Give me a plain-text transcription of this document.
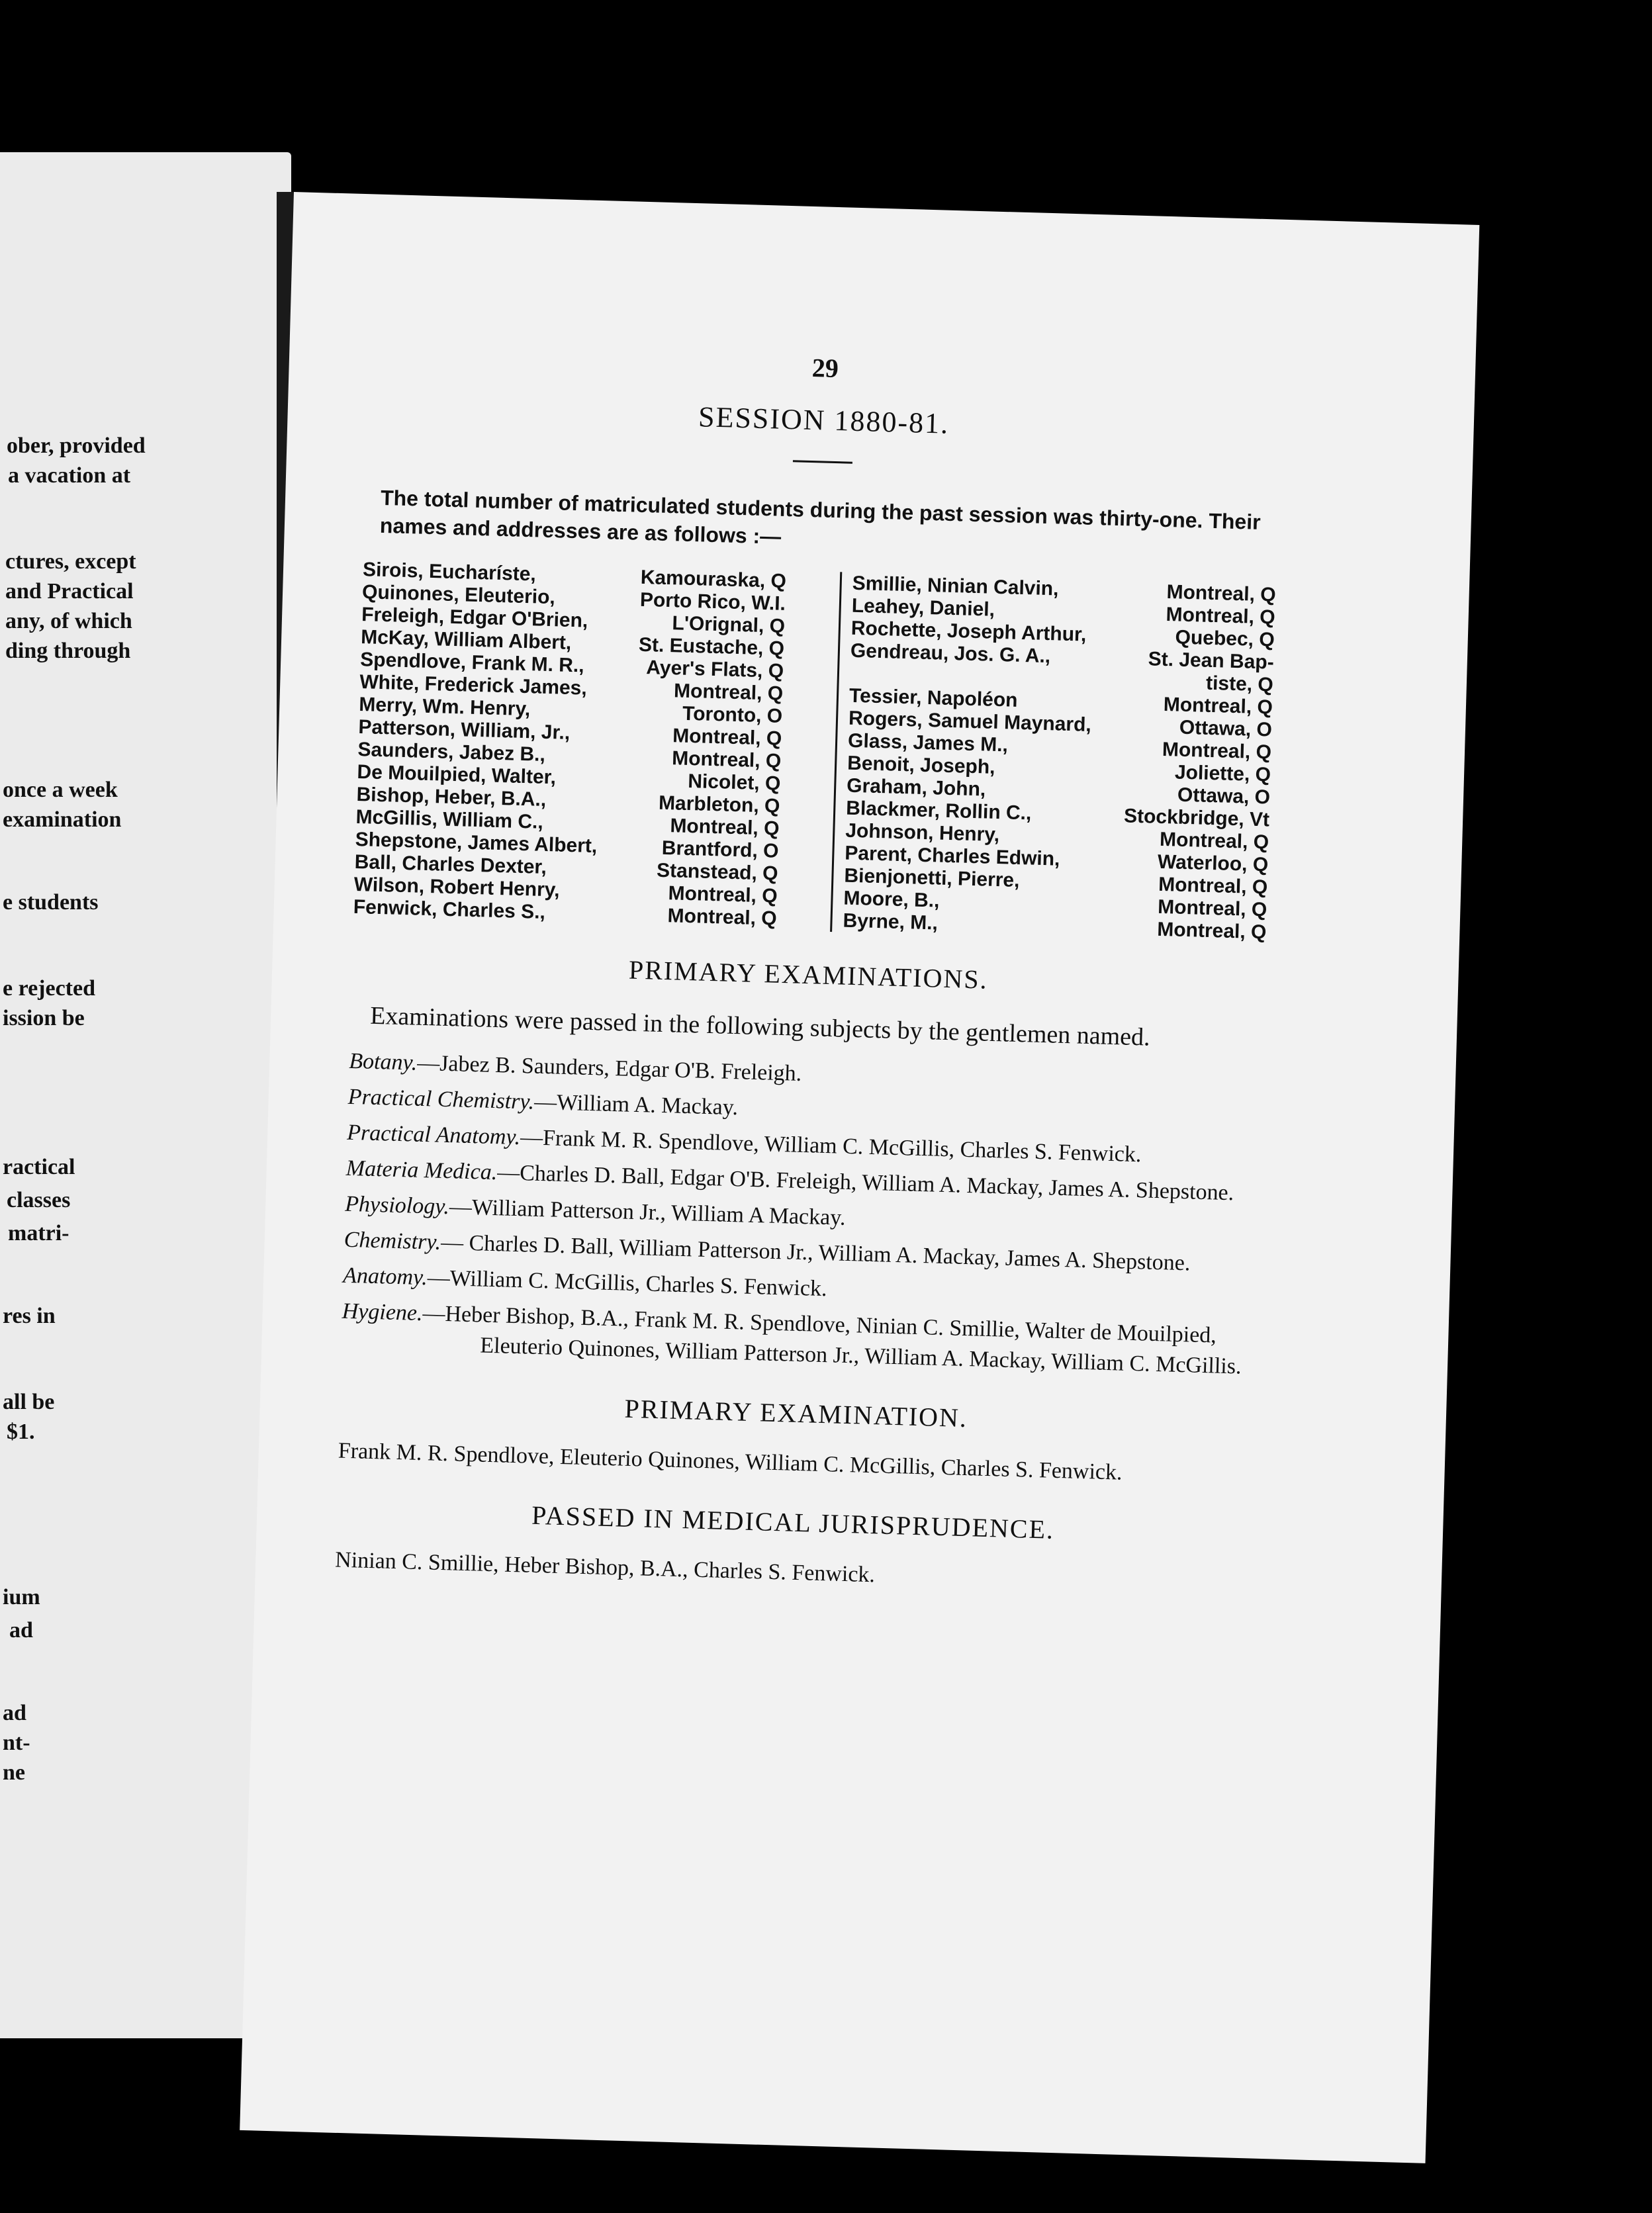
ober, provided
a vacation at
ctures, except
and Practical
any, of which
ding through
once a week
examination
e students
e rejected
ission be
ractical
classes
matri-
res in
all be
$1.
ium
ad
ad
nt-
ne
29
SESSION 1880-81.

The total number of matriculated students during the past session was thirty-one. Their names and addresses are as follows :—

Sirois, Eucharíste,	Kamouraska, Q
Quinones, Eleuterio,	Porto Rico, W.I.
Freleigh, Edgar O'Brien,	L'Orignal, Q
McKay, William Albert,	St. Eustache, Q
Spendlove, Frank M. R.,	Ayer's Flats, Q
White, Frederick James,	Montreal, Q
Merry, Wm. Henry,	Toronto, O
Patterson, William, Jr.,	Montreal, Q
Saunders, Jabez B.,	Montreal, Q
De Mouilpied, Walter,	Nicolet, Q
Bishop, Heber, B.A.,	Marbleton, Q
McGillis, William C.,	Montreal, Q
Shepstone, James Albert,	Brantford, O
Ball, Charles Dexter,	Stanstead, Q
Wilson, Robert Henry,	Montreal, Q
Fenwick, Charles S.,	Montreal, Q
Smillie, Ninian Calvin,	Montreal, Q
Leahey, Daniel,	Montreal, Q
Rochette, Joseph Arthur,	Quebec, Q
Gendreau, Jos. G. A.,	St. Jean Bap-
tiste, Q
Tessier, Napoléon	Montreal, Q
Rogers, Samuel Maynard,	Ottawa, O
Glass, James M.,	Montreal, Q
Benoit, Joseph,	Joliette, Q
Graham, John,	Ottawa, O
Blackmer, Rollin C.,	Stockbridge, Vt
Johnson, Henry,	Montreal, Q
Parent, Charles Edwin,	Waterloo, Q
Bienjonetti, Pierre,	Montreal, Q
Moore, B.,	Montreal, Q
Byrne, M.,	Montreal, Q
PRIMARY EXAMINATIONS.

Examinations were passed in the following subjects by the gentlemen named.

Botany.—Jabez B. Saunders, Edgar O'B. Freleigh.

Practical Chemistry.—William A. Mackay.

Practical Anatomy.—Frank M. R. Spendlove, William C. McGillis, Charles S. Fenwick.

Materia Medica.—Charles D. Ball, Edgar O'B. Freleigh, William A. Mackay, James A. Shepstone.

Physiology.—William Patterson Jr., William A Mackay.

Chemistry.— Charles D. Ball, William Patterson Jr., William A. Mackay, James A. Shepstone.

Anatomy.—William C. McGillis, Charles S. Fenwick.

Hygiene.—Heber Bishop, B.A., Frank M. R. Spendlove, Ninian C. Smillie, Walter de Mouilpied, Eleuterio Quinones, William Patterson Jr., William A. Mackay, William C. McGillis.

PRIMARY EXAMINATION.

Frank M. R. Spendlove, Eleuterio Quinones, William C. McGillis, Charles S. Fenwick.

PASSED IN MEDICAL JURISPRUDENCE.

Ninian C. Smillie, Heber Bishop, B.A., Charles S. Fenwick.
